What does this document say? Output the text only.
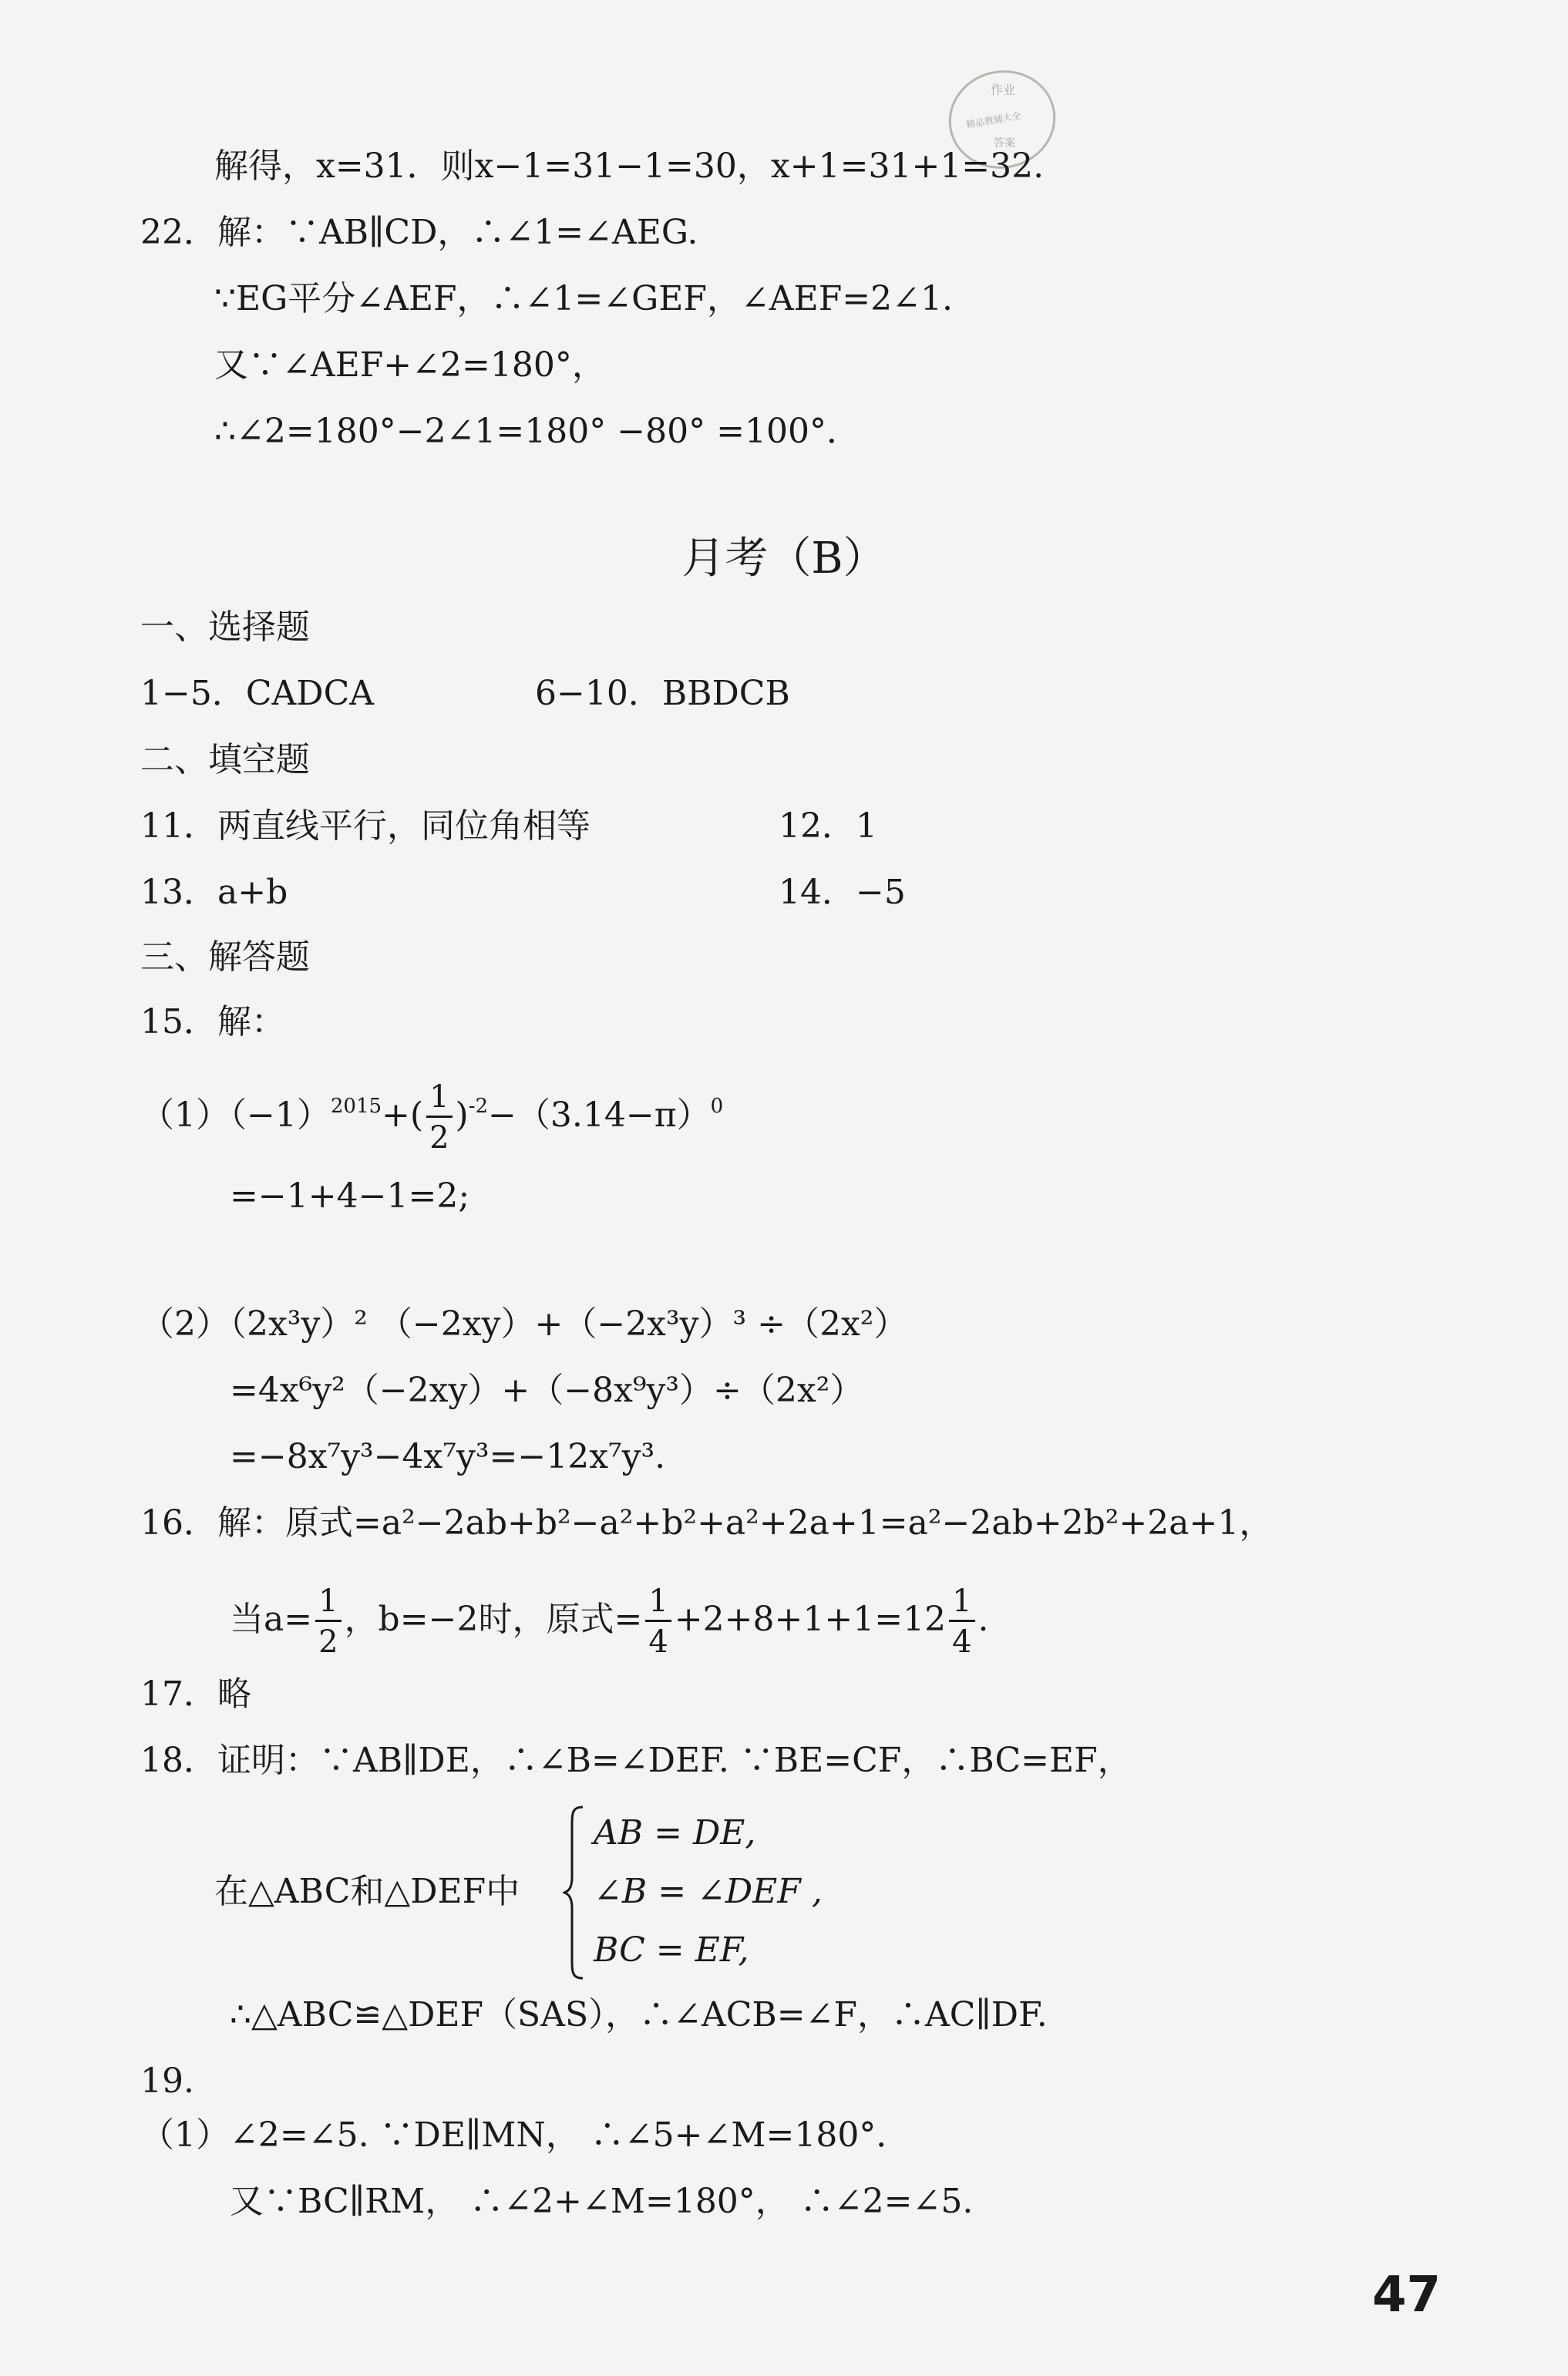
作业
精品教辅大全
答案
解得，x=31．则x−1=31−1=30，x+1=31+1=32.
22．解：∵AB∥CD，∴∠1=∠AEG.
∵EG平分∠AEF，∴∠1=∠GEF，∠AEF=2∠1.
又∵∠AEF+∠2=180°，
∴∠2=180°−2∠1=180° −80° =100°．
月考（B）
一、选择题
1−5．CADCA	6−10．BBDCB
二、填空题
11．两直线平行，同位角相等	12．1
13．a+b	14．−5
三、解答题
15．解：
$(1)(-1)^{2015}+( \frac{1}{2} )^{-2}-(3.14-\pi)^0$
=−1+4−1=2;
（2）（2x³y）² （−2xy）+（−2x³y）³ ÷（2x²）
=4x⁶y²（−2xy）+（−8x⁹y³）÷（2x²）
=−8x⁷y³−4x⁷y³=−12x⁷y³.
16．解：原式=a²−2ab+b²−a²+b²+a²+2a+1=a²−2ab+2b²+2a+1，
当$a= \frac{1}{2}$ ，b=−2时，原式= $\frac{1}{4} +2+8+1+1=12 \frac{1}{4}$ .
17．略
18．证明：∵AB∥DE，∴∠B=∠DEF. ∵BE=CF，∴BC=EF，
在△ABC和△DEF中
AB = DE,
∠B = ∠DEF ,
BC = EF,
∴△ABC≌△DEF（SAS），∴∠ACB=∠F，∴AC∥DF.
19.
（1）∠2=∠5. ∵DE∥MN， ∴∠5+∠M=180°．
又∵BC∥RM， ∴∠2+∠M=180°， ∴∠2=∠5.
47
